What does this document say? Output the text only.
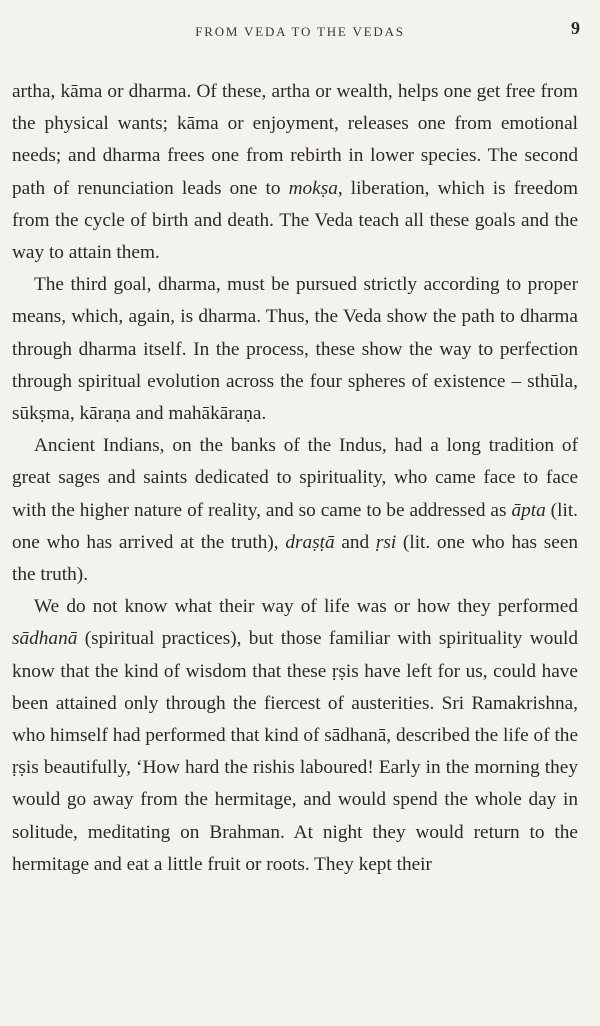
FROM VEDA TO THE VEDAS	9

artha, kāma or dharma. Of these, artha or wealth, helps one get free from the physical wants; kāma or enjoyment, releases one from emotional needs; and dharma frees one from rebirth in lower species. The second path of renunciation leads one to mokṣa, liberation, which is freedom from the cycle of birth and death. The Veda teach all these goals and the way to attain them.

The third goal, dharma, must be pursued strictly according to proper means, which, again, is dharma. Thus, the Veda show the path to dharma through dharma itself. In the process, these show the way to perfection through spiritual evolution across the four spheres of existence – sthūla, sūkṣma, kāraṇa and mahākāraṇa.

Ancient Indians, on the banks of the Indus, had a long tradition of great sages and saints dedicated to spirituality, who came face to face with the higher nature of reality, and so came to be addressed as āpta (lit. one who has arrived at the truth), draṣṭā and ṛsi (lit. one who has seen the truth).

We do not know what their way of life was or how they performed sādhanā (spiritual practices), but those familiar with spirituality would know that the kind of wisdom that these ṛṣis have left for us, could have been attained only through the fiercest of austerities. Sri Ramakrishna, who himself had performed that kind of sādhanā, described the life of the ṛṣis beautifully, ‘How hard the rishis laboured! Early in the morning they would go away from the hermitage, and would spend the whole day in solitude, meditating on Brahman. At night they would return to the hermitage and eat a little fruit or roots. They kept their
